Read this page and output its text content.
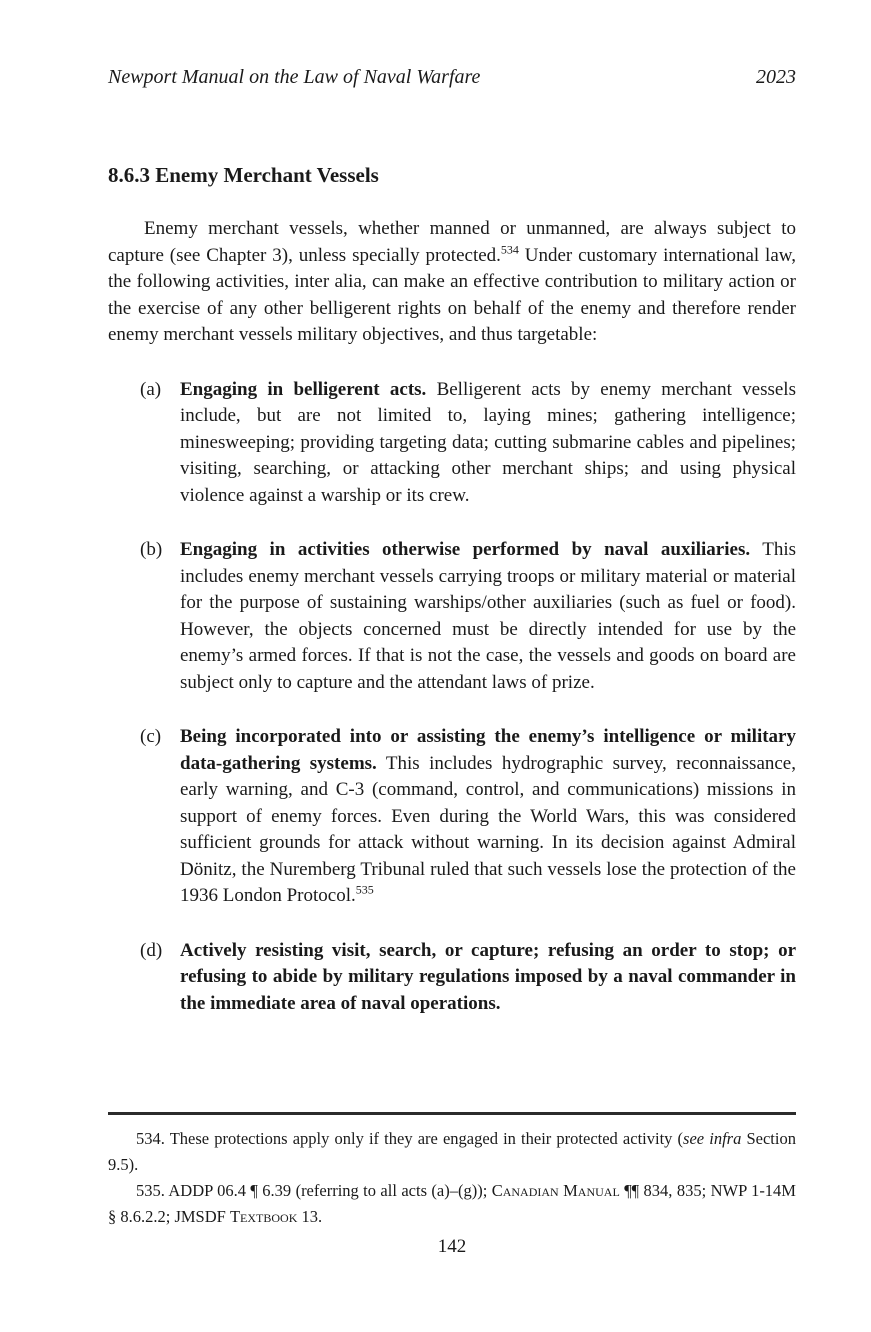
Newport Manual on the Law of Naval Warfare	2023
8.6.3 Enemy Merchant Vessels

Enemy merchant vessels, whether manned or unmanned, are always subject to capture (see Chapter 3), unless specially protected.$^{534}$ Under customary international law, the following activities, inter alia, can make an effective contribution to military action or the exercise of any other belligerent rights on behalf of the enemy and therefore render enemy merchant vessels military objectives, and thus targetable:

(a) Engaging in belligerent acts. Belligerent acts by enemy merchant vessels include, but are not limited to, laying mines; gathering intelligence; minesweeping; providing targeting data; cutting submarine cables and pipelines; visiting, searching, or attacking other merchant ships; and using physical violence against a warship or its crew.

(b) Engaging in activities otherwise performed by naval auxiliaries. This includes enemy merchant vessels carrying troops or military material or material for the purpose of sustaining warships/other auxiliaries (such as fuel or food). However, the objects concerned must be directly intended for use by the enemy’s armed forces. If that is not the case, the vessels and goods on board are subject only to capture and the attendant laws of prize.

(c) Being incorporated into or assisting the enemy’s intelligence or military data-gathering systems. This includes hydrographic survey, reconnaissance, early warning, and C-3 (command, control, and communications) missions in support of enemy forces. Even during the World Wars, this was considered sufficient grounds for attack without warning. In its decision against Admiral Dönitz, the Nuremberg Tribunal ruled that such vessels lose the protection of the 1936 London Protocol.$^{535}$

(d) Actively resisting visit, search, or capture; refusing an order to stop; or refusing to abide by military regulations imposed by a naval commander in the immediate area of naval operations.

534. These protections apply only if they are engaged in their protected activity (see infra Section 9.5).

535. ADDP 06.4 ¶ 6.39 (referring to all acts (a)–(g)); Canadian Manual ¶¶ 834, 835; NWP 1-14M § 8.6.2.2; JMSDF Textbook 13.

142
